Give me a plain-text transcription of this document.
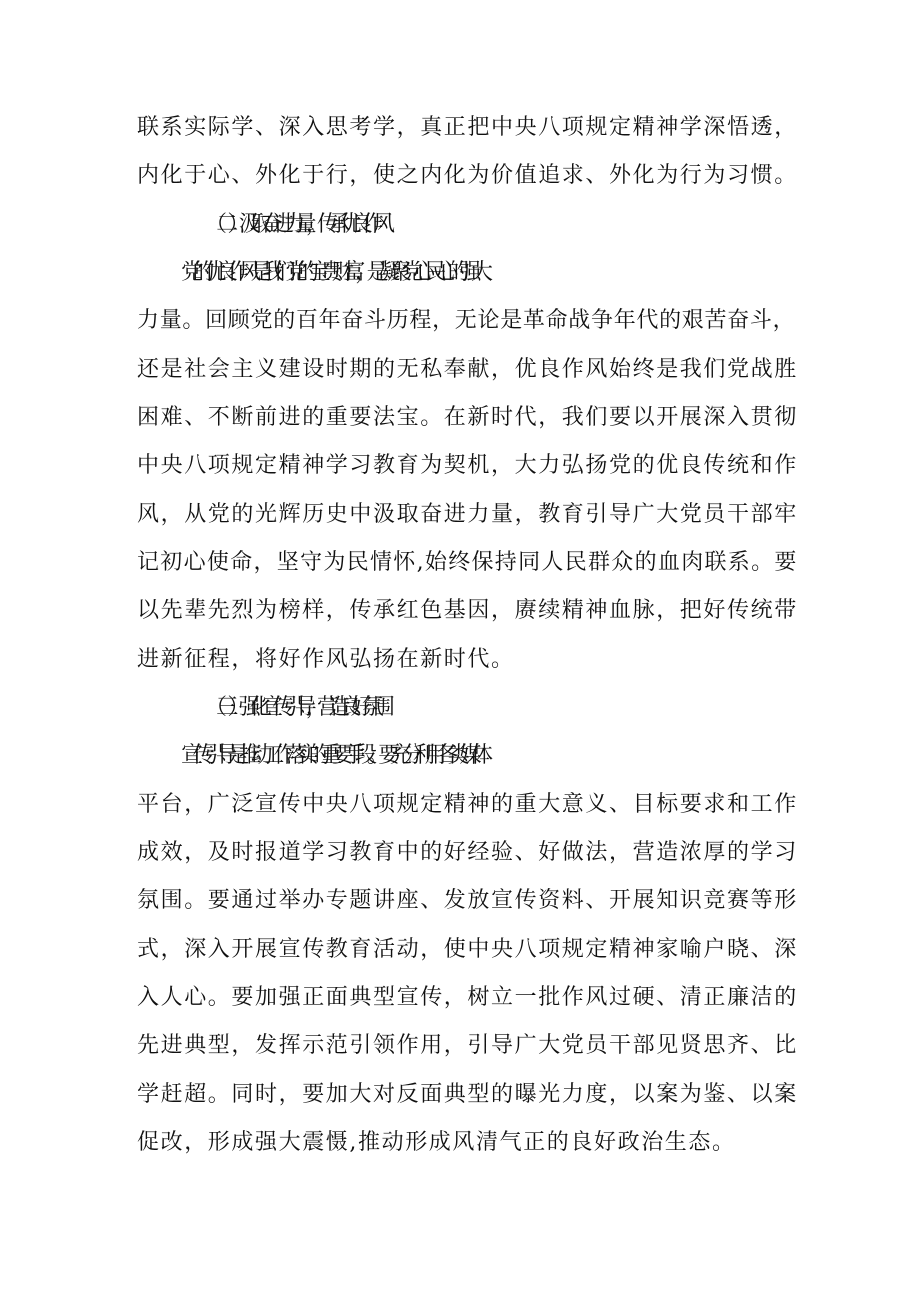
联系实际学、深入思考学，真正把中央八项规定精神学深悟透，
内化于心、外化于行，使之内化为价值追求、外化为行为习惯。
（二）汲取奋进力量，传承优良作风
党的优良作风是我们党的宝贵财富，是凝聚党心民心的强大
力量。回顾党的百年奋斗历程，无论是革命战争年代的艰苦奋斗，
还是社会主义建设时期的无私奉献，优良作风始终是我们党战胜
困难、不断前进的重要法宝。在新时代，我们要以开展深入贯彻
中央八项规定精神学习教育为契机，大力弘扬党的优良传统和作
风，从党的光辉历史中汲取奋进力量，教育引导广大党员干部牢
记初心使命，坚守为民情怀,始终保持同人民群众的血肉联系。要
以先辈先烈为榜样，传承红色基因，赓续精神血脉，把好传统带
进新征程，将好作风弘扬在新时代。
（三）强化宣传引导，营造良好氛围
宣传引导是推动工作落实的重要手段。要充分利用各类媒体
平台，广泛宣传中央八项规定精神的重大意义、目标要求和工作
成效，及时报道学习教育中的好经验、好做法，营造浓厚的学习
氛围。要通过举办专题讲座、发放宣传资料、开展知识竞赛等形
式，深入开展宣传教育活动，使中央八项规定精神家喻户晓、深
入人心。要加强正面典型宣传，树立一批作风过硬、清正廉洁的
先进典型，发挥示范引领作用，引导广大党员干部见贤思齐、比
学赶超。同时，要加大对反面典型的曝光力度，以案为鉴、以案
促改，形成强大震慑,推动形成风清气正的良好政治生态。
